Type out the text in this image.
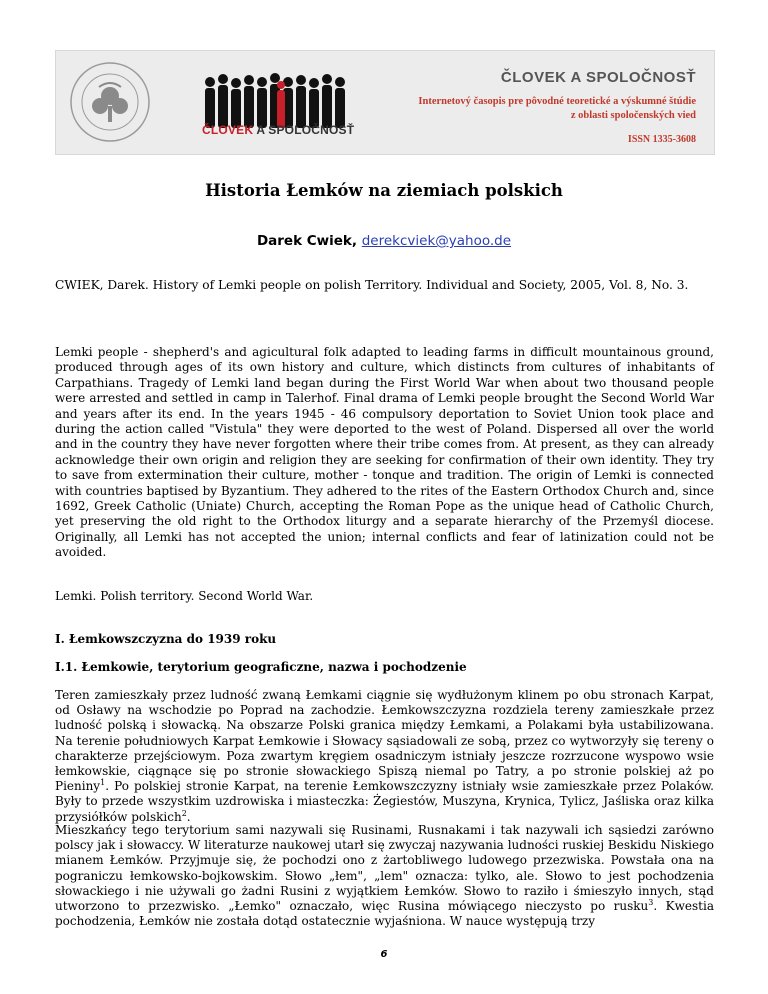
ČLOVEK A SPOLOČNOSŤ
ČLOVEK A SPOLOČNOSŤ
Internetový časopis pre pôvodné teoretické a výskumné štúdie
z oblasti spoločenských vied
ISSN 1335-3608
Historia Łemków na ziemiach polskich
Darek Cwiek, derekcviek@yahoo.de
CWIEK, Darek. History of Lemki people on polish Territory. Individual and Society, 2005, Vol. 8, No. 3.

Lemki people - shepherd's and agicultural folk adapted to leading farms in difficult mountainous ground, produced through ages of its own history and culture, which distincts from cultures of inhabitants of Carpathians. Tragedy of Lemki land began during the First World War when about two thousand people were arrested and settled in camp in Talerhof. Final drama of Lemki people brought the Second World War and years after its end. In the years 1945 - 46 compulsory deportation to Soviet Union took place and during the action called "Vistula" they were deported to the west of Poland. Dispersed all over the world and in the country they have never forgotten where their tribe comes from. At present, as they can already acknowledge their own origin and religion they are seeking for confirmation of their own identity. They try to save from extermination their culture, mother - tonque and tradition. The origin of Lemki is connected with countries baptised by Byzantium. They adhered to the rites of the Eastern Orthodox Church and, since 1692, Greek Catholic (Uniate) Church, accepting the Roman Pope as the unique head of Catholic Church, yet preserving the old right to the Orthodox liturgy and a separate hierarchy of the Przemyśl diocese. Originally, all Lemki has not accepted the union; internal conflicts and fear of latinization could not be avoided.

Lemki. Polish territory. Second World War.
I. Łemkowszczyzna do 1939 roku
I.1. Łemkowie, terytorium geograficzne, nazwa i pochodzenie

Teren zamieszkały przez ludność zwaną Łemkami ciągnie się wydłużonym klinem po obu stronach Karpat, od Osławy na wschodzie po Poprad na zachodzie. Łemkowszczyzna rozdziela tereny zamieszkałe przez ludność polską i słowacką. Na obszarze Polski granica między Łemkami, a Polakami była ustabilizowana. Na terenie południowych Karpat Łemkowie i Słowacy sąsiadowali ze sobą, przez co wytworzyły się tereny o charakterze przejściowym. Poza zwartym kręgiem osadniczym istniały jeszcze rozrzucone wyspowo wsie łemkowskie, ciągnące się po stronie słowackiego Spiszą niemal po Tatry, a po stronie polskiej aż po Pieniny$^1$. Po polskiej stronie Karpat, na terenie Łemkowszczyzny istniały wsie zamieszkałe przez Polaków. Były to przede wszystkim uzdrowiska i miasteczka: Żegiestów, Muszyna, Krynica, Tylicz, Jaśliska oraz kilka przysiółków polskich$^2$.

Mieszkańcy tego terytorium sami nazywali się Rusinami, Rusnakami i tak nazywali ich sąsiedzi zarówno polscy jak i słowaccy. W literaturze naukowej utarł się zwyczaj nazywania ludności ruskiej Beskidu Niskiego mianem Łemków. Przyjmuje się, że pochodzi ono z żartobliwego ludowego przezwiska. Powstała ona na pograniczu łemkowsko-bojkowskim. Słowo „łem", „lem" oznacza: tylko, ale. Słowo to jest pochodzenia słowackiego i nie używali go żadni Rusini z wyjątkiem Łemków. Słowo to raziło i śmieszyło innych, stąd utworzono to przezwisko. „Łemko" oznaczało, więc Rusina mówiącego nieczysto po rusku$^3$. Kwestia pochodzenia, Łemków nie została dotąd ostatecznie wyjaśniona. W nauce występują trzy

6
